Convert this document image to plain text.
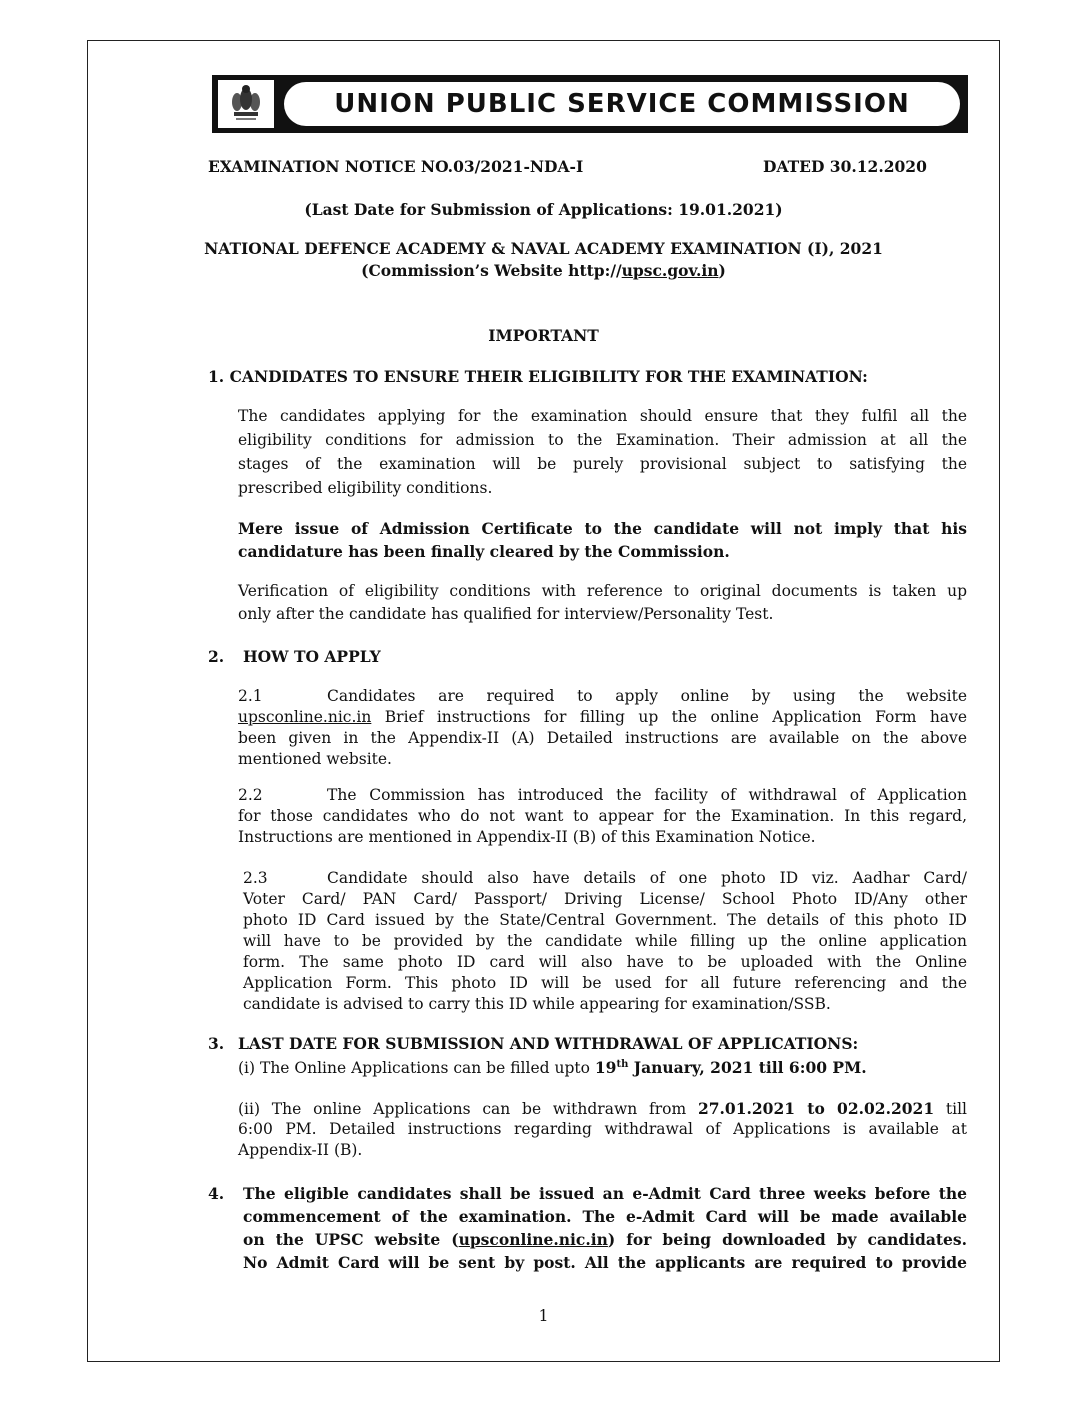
UNION PUBLIC SERVICE COMMISSION
EXAMINATION NOTICE NO.03/2021-NDA-I	DATED 30.12.2020
(Last Date for Submission of Applications: 19.01.2021)
NATIONAL DEFENCE ACADEMY & NAVAL ACADEMY EXAMINATION (I), 2021
(Commission’s Website http://upsc.gov.in)
IMPORTANT
1. CANDIDATES TO ENSURE THEIR ELIGIBILITY FOR THE EXAMINATION:
The candidates applying for the examination should ensure that they fulfil all the
eligibility conditions for admission to the Examination. Their admission at all the
stages of the examination will be purely provisional subject to satisfying the
prescribed eligibility conditions.
Mere issue of Admission Certificate to the candidate will not imply that his
candidature has been finally cleared by the Commission.
Verification of eligibility conditions with reference to original documents is taken up
only after the candidate has qualified for interview/Personality Test.
2. HOW TO APPLY
2.1	Candidates are required to apply online by using the website
upsconline.nic.in Brief instructions for filling up the online Application Form have
been given in the Appendix-II (A) Detailed instructions are available on the above
mentioned website.
2.2	The Commission has introduced the facility of withdrawal of Application
for those candidates who do not want to appear for the Examination. In this regard,
Instructions are mentioned in Appendix-II (B) of this Examination Notice.
2.3	Candidate should also have details of one photo ID viz. Aadhar Card/
Voter Card/ PAN Card/ Passport/ Driving License/ School Photo ID/Any other
photo ID Card issued by the State/Central Government. The details of this photo ID
will have to be provided by the candidate while filling up the online application
form. The same photo ID card will also have to be uploaded with the Online
Application Form. This photo ID will be used for all future referencing and the
candidate is advised to carry this ID while appearing for examination/SSB.
3. LAST DATE FOR SUBMISSION AND WITHDRAWAL OF APPLICATIONS:
(i) The Online Applications can be filled upto 19th January, 2021 till 6:00 PM.
(ii) The online Applications can be withdrawn from 27.01.2021 to 02.02.2021 till
6:00 PM. Detailed instructions regarding withdrawal of Applications is available at
Appendix-II (B).
4. The eligible candidates shall be issued an e-Admit Card three weeks before the
commencement of the examination. The e-Admit Card will be made available
on the UPSC website (upsconline.nic.in) for being downloaded by candidates.
No Admit Card will be sent by post. All the applicants are required to provide
1
